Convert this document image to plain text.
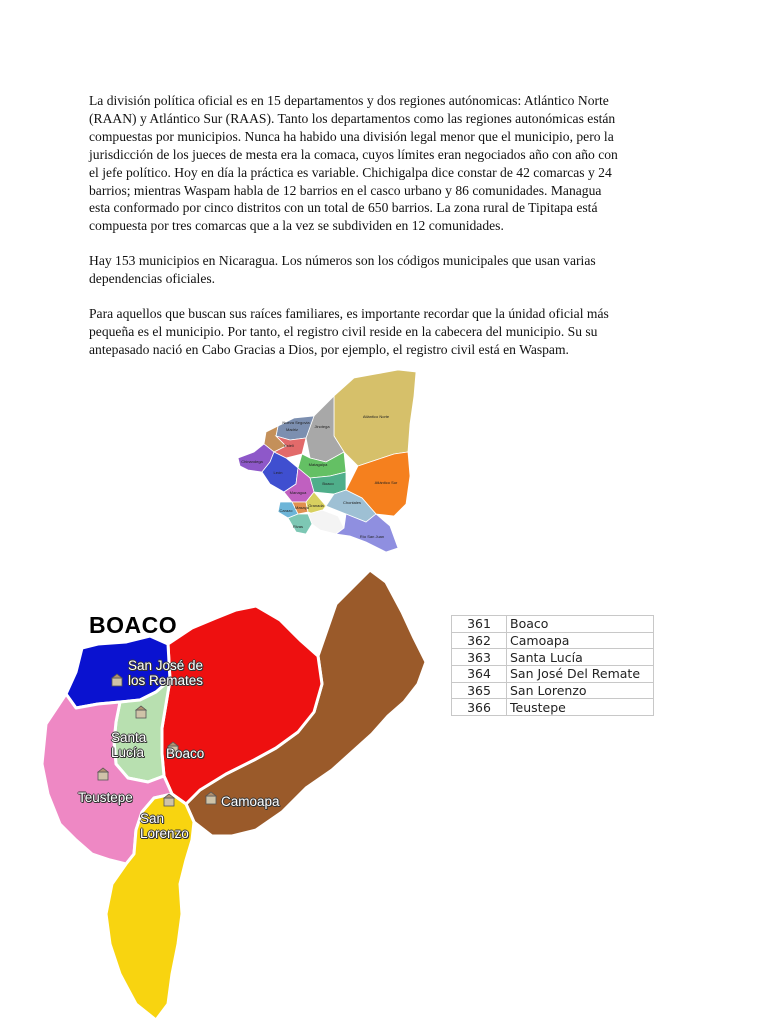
La división política oficial es en 15 departamentos y dos regiones autónomicas: Atlántico Norte
(RAAN) y Atlántico Sur (RAAS). Tanto los departamentos como las regiones autonómicas están
compuestas por municipios. Nunca ha habido una división legal menor que el municipio, pero la
jurisdicción de los jueces de mesta era la comaca, cuyos límites eran negociados año con año con
el jefe político. Hoy en día la práctica es variable. Chichigalpa dice constar de 42 comarcas y 24
barrios; mientras Waspam habla de 12 barrios en el casco urbano y 86 comunidades. Managua
esta conformado por cinco distritos con un total de 650 barrios. La zona rural de Tipitapa está
compuesta por tres comarcas que a la vez se subdividen en 12 comunidades.

Hay 153 municipios en Nicaragua. Los números son los códigos municipales que usan varias
dependencias oficiales.

Para aquellos que buscan sus raíces familiares, es importante recordar que la únidad oficial más
pequeña es el municipio. Por tanto, el registro civil reside en la cabecera del municipio. Su su
antepasado nació en Cabo Gracias a Dios, por ejemplo, el registro civil está en Waspam.

Nueva Segovia
Madriz
Estelí
Jinotega
Atlántico Norte
Chinandega
León
Matagalpa
Boaco
Managua
Masaya
Carazo
Granada
Chontales
Atlántico Sur
Rivas
Río San Juan
BOACO
San José de
los Remates
Santa
Lucía Boaco
Camoapa
Teustepe
San
Lorenzo
361	Boaco
362	Camoapa
363	Santa Lucía
364	San José Del Remate
365	San Lorenzo
366	Teustepe
